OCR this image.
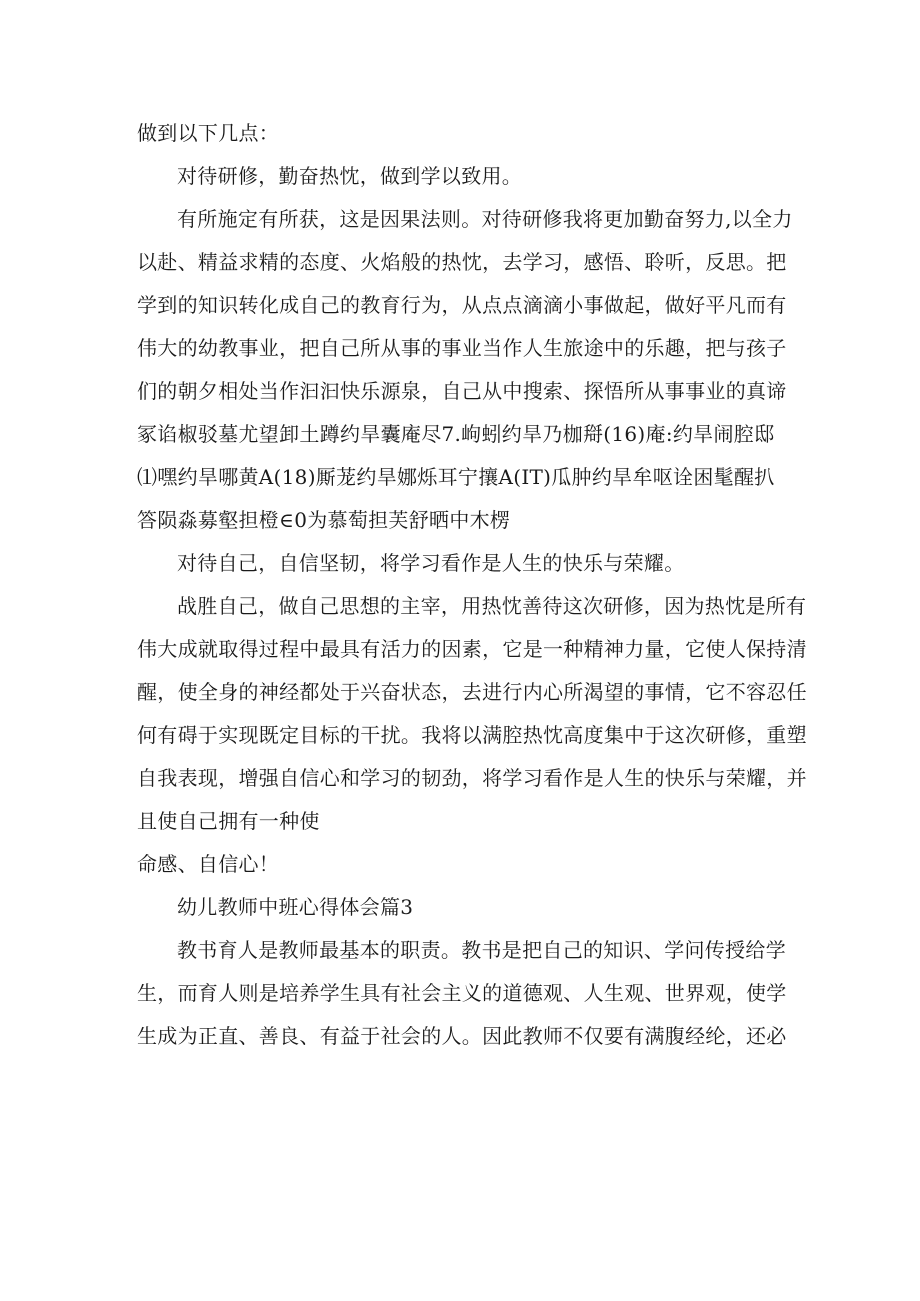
做到以下几点：
对待研修，勤奋热忱，做到学以致用。
有所施定有所获，这是因果法则。对待研修我将更加勤奋努力,以全力
以赴、精益求精的态度、火焰般的热忱，去学习，感悟、聆听，反思。把
学到的知识转化成自己的教育行为，从点点滴滴小事做起，做好平凡而有
伟大的幼教事业，把自己所从事的事业当作人生旅途中的乐趣，把与孩子
们的朝夕相处当作汩汩快乐源泉，自己从中搜索、探悟所从事事业的真谛
冢谄椒驳墓尤望卸土蹲约旱囊庵尽7.岣蚓约旱乃枷搿(16)庵:约旱闹腔邸
⑴嘿约旱哪黄A(18)厮茏约旱娜烁耳宁攘A(IT)瓜肿约旱牟呕诠困髦醒扒
答陨淼募壑担橙∈0为慕萄担芙舒晒中木楞
对待自己，自信坚韧，将学习看作是人生的快乐与荣耀。
战胜自己，做自己思想的主宰，用热忱善待这次研修，因为热忱是所有
伟大成就取得过程中最具有活力的因素，它是一种精神力量，它使人保持清
醒，使全身的神经都处于兴奋状态，去进行内心所渴望的事情，它不容忍任
何有碍于实现既定目标的干扰。我将以满腔热忱高度集中于这次研修，重塑
自我表现，增强自信心和学习的韧劲，将学习看作是人生的快乐与荣耀，并
且使自己拥有一种使
命感、自信心！
幼儿教师中班心得体会篇3
教书育人是教师最基本的职责。教书是把自己的知识、学问传授给学
生，而育人则是培养学生具有社会主义的道德观、人生观、世界观，使学
生成为正直、善良、有益于社会的人。因此教师不仅要有满腹经纶，还必
